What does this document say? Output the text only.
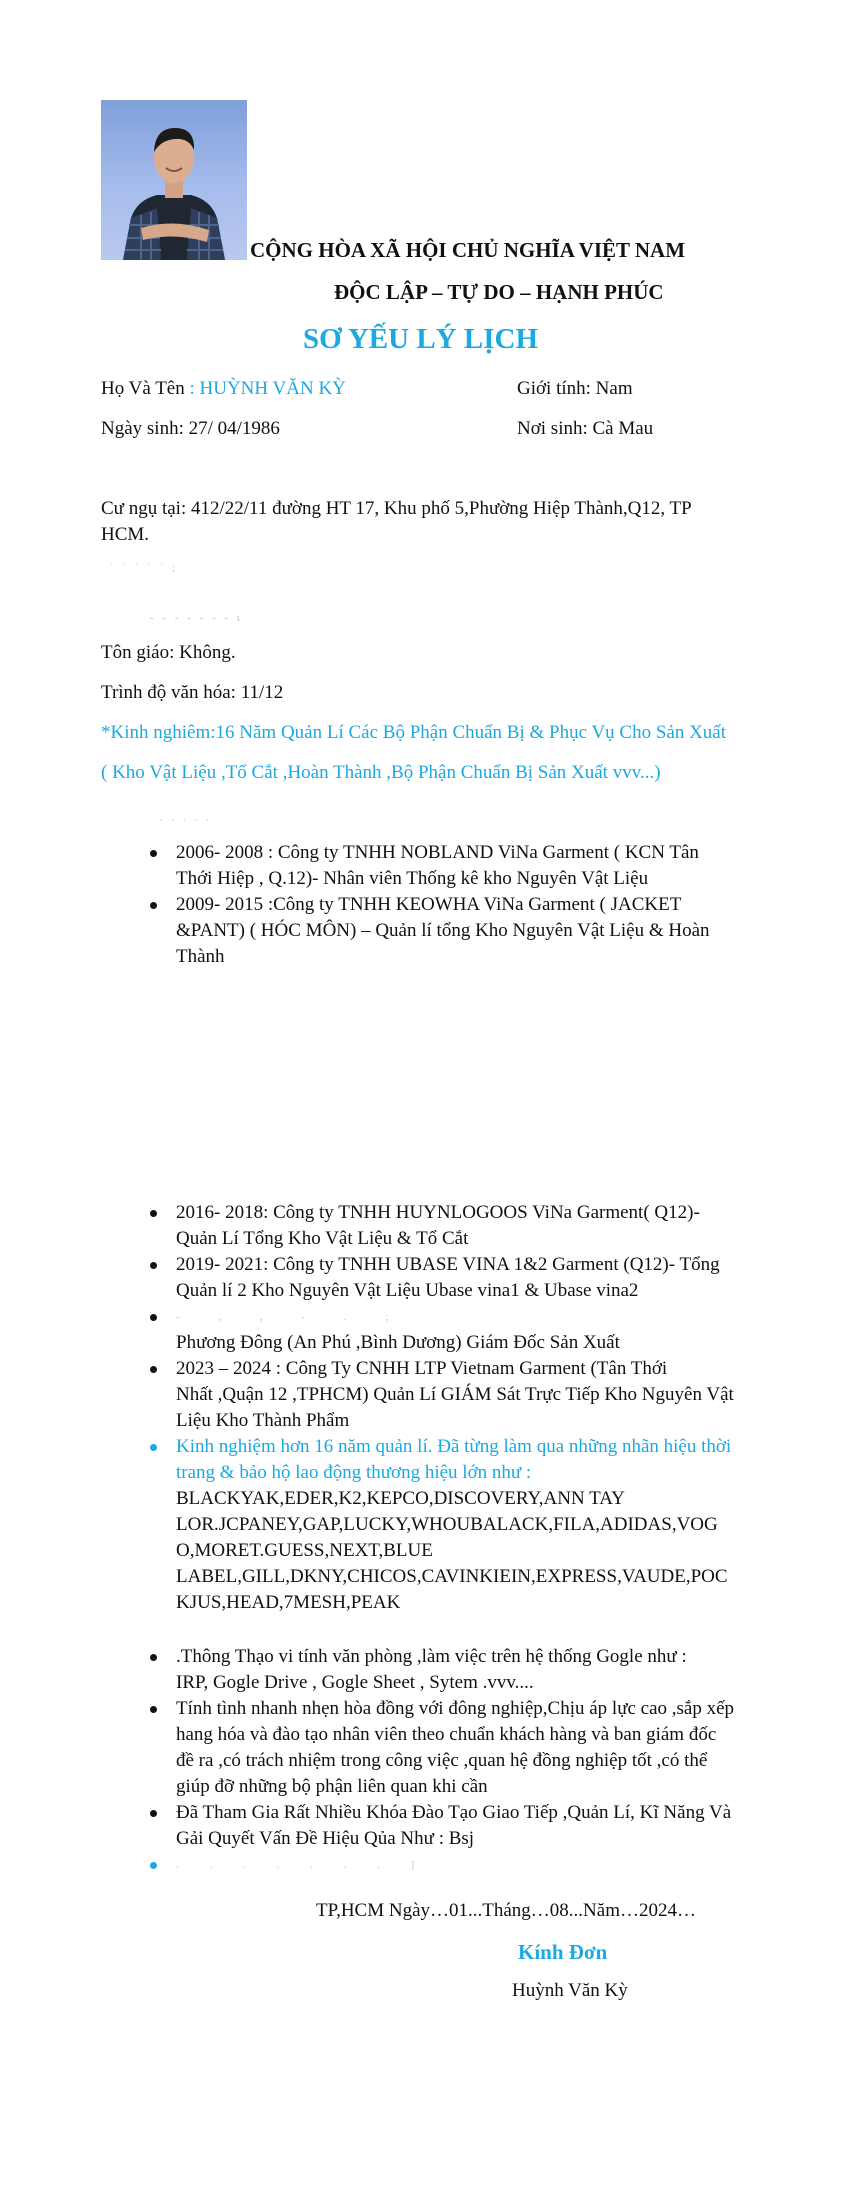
CỘNG HÒA XÃ HỘI CHỦ NGHĨA VIỆT NAM
ĐỘC LẬP – TỰ DO – HẠNH PHÚC
SƠ YẾU LÝ LỊCH
Họ Và Tên : HUỲNH VĂN KỲ	Giới tính: Nam
Ngày sinh: 27/ 04/1986	Nơi sinh: Cà Mau
Cư ngụ tại: 412/22/11 đường HT 17, Khu phố 5,Phường Hiệp Thành,Q12, TP
HCM.
˙ ˙ ˙ ˙ ˙ ;
- - - - - - - ι
Tôn giáo: Không.
Trình độ văn hóa: 11/12
*Kinh nghiêm:16 Năm Quản Lí Các Bộ Phận Chuẩn Bị & Phục Vụ Cho Sản Xuất
( Kho Vật Liệu ,Tổ Cắt ,Hoàn Thành ,Bộ Phận Chuẩn Bị Sản Xuất vvv...)
. . . . .
2006- 2008 : Công ty TNHH NOBLAND ViNa Garment ( KCN Tân
Thới Hiệp , Q.12)- Nhân viên Thống kê kho Nguyên Vật Liệu
2009- 2015 :Công ty TNHH KEOWHA ViNa Garment ( JACKET
&PANT) ( HÓC MÔN) – Quản lí tổng Kho Nguyên Vật Liệu & Hoàn
Thành
2016- 2018: Công ty TNHH HUYNLOGOOS ViNa Garment( Q12)-
Quản Lí Tổng Kho Vật Liệu & Tổ Cắt
2019- 2021: Công ty TNHH UBASE VINA 1&2 Garment (Q12)- Tổng
Quản lí 2 Kho Nguyên Vật Liệu Ubase vina1 & Ubase vina2
- , , - . ;
Phương Đông (An Phú ,Bình Dương) Giám Đốc Sản Xuất
2023 – 2024 : Công Ty CNHH LTP Vietnam Garment (Tân Thới
Nhất ,Quận 12 ,TPHCM) Quản Lí GIÁM Sát Trực Tiếp Kho Nguyên Vật
Liệu Kho Thành Phẩm
Kinh nghiệm hơn 16 năm quản lí. Đã từng làm qua những nhãn hiệu thời
trang & bảo hộ lao động thương hiệu lớn như :
BLACKYAK,EDER,K2,KEPCO,DISCOVERY,ANN TAY
LOR.JCPANEY,GAP,LUCKY,WHOUBALACK,FILA,ADIDAS,VOG
O,MORET.GUESS,NEXT,BLUE
LABEL,GILL,DKNY,CHICOS,CAVINKIEIN,EXPRESS,VAUDE,POC
KJUS,HEAD,7MESH,PEAK
.Thông Thạo vi tính văn phòng ,làm việc trên hệ thống Gogle như :
IRP, Gogle Drive , Gogle Sheet , Sytem .vvv....
Tính tình nhanh nhẹn hòa đồng với đông nghiệp,Chịu áp lực cao ,sắp xếp
hang hóa và đào tạo nhân viên theo chuẩn khách hàng và ban giám đốc
đề ra ,có trách nhiệm trong công việc ,quan hệ đồng nghiệp tốt ,có thể
giúp đỡ những bộ phận liên quan khi cần
Đã Tham Gia Rất Nhiều Khóa Đào Tạo Giao Tiếp ,Quản Lí, Kĩ Năng Và
Gải Quyết Vấn Đề Hiệu Qủa Như : Bsj
. . . . . . . ]
TP,HCM Ngày…01...Tháng…08...Năm…2024…
Kính Đơn
Huỳnh Văn Kỳ
